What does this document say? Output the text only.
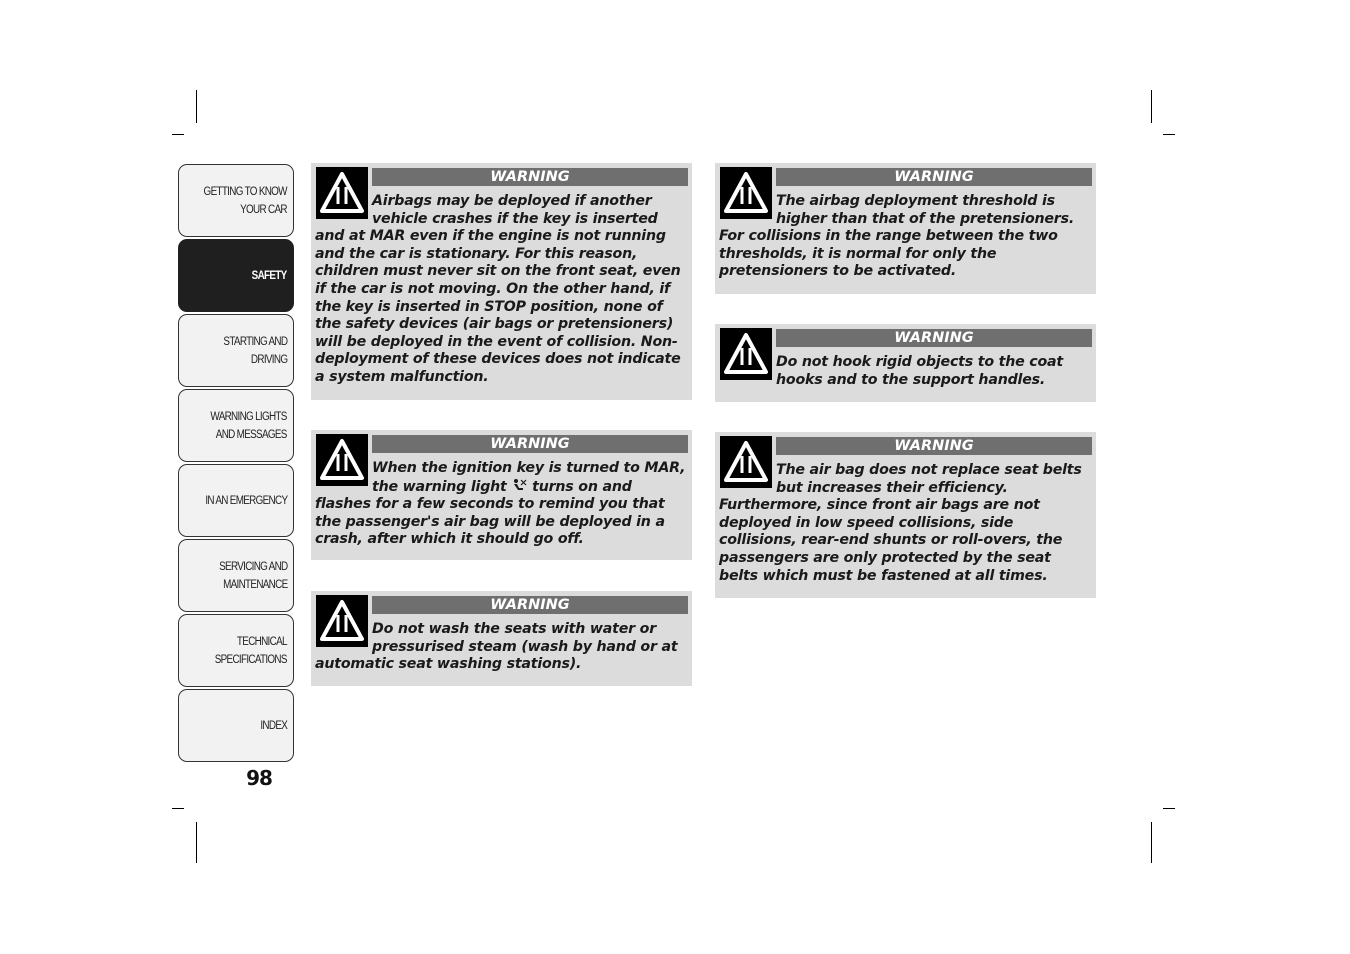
GETTING TO KNOW
YOUR CAR
SAFETY
STARTING AND
DRIVING
WARNING LIGHTS
AND MESSAGES
IN AN EMERGENCY
SERVICING AND
MAINTENANCE
TECHNICAL
SPECIFICATIONS
INDEX
98
WARNING

Airbags may be deployed if another vehicle crashes if the key is inserted and at MAR even if the engine is not running and the car is stationary. For this reason, children must never sit on the front seat, even if the car is not moving. On the other hand, if the key is inserted in STOP position, none of the safety devices (air bags or pretensioners) will be deployed in the event of collision. Non-deployment of these devices does not indicate a system malfunction.

WARNING

When the ignition key is turned to MAR, the warning light  turns on and flashes for a few seconds to remind you that the passenger's air bag will be deployed in a crash, after which it should go off.

WARNING

Do not wash the seats with water or pressurised steam (wash by hand or at automatic seat washing stations).

WARNING

The airbag deployment threshold is higher than that of the pretensioners. For collisions in the range between the two thresholds, it is normal for only the pretensioners to be activated.

WARNING

Do not hook rigid objects to the coat hooks and to the support handles.

WARNING

The air bag does not replace seat belts but increases their efficiency. Furthermore, since front air bags are not deployed in low speed collisions, side collisions, rear-end shunts or roll-overs, the passengers are only protected by the seat belts which must be fastened at all times.
